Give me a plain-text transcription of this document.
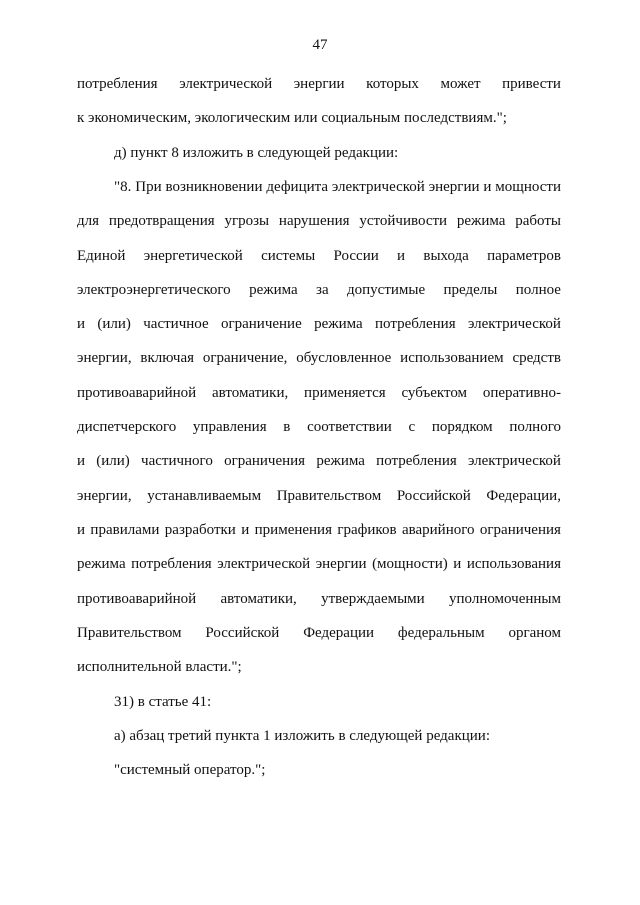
47
потребления электрической энергии которых может привести
к экономическим, экологическим или социальным последствиям.";
д) пункт 8 изложить в следующей редакции:
"8. При возникновении дефицита электрической энергии и мощности
для предотвращения угрозы нарушения устойчивости режима работы
Единой энергетической системы России и выхода параметров
электроэнергетического режима за допустимые пределы полное
и (или) частичное ограничение режима потребления электрической
энергии, включая ограничение, обусловленное использованием средств
противоаварийной автоматики, применяется субъектом оперативно-
диспетчерского управления в соответствии с порядком полного
и (или) частичного ограничения режима потребления электрической
энергии, устанавливаемым Правительством Российской Федерации,
и правилами разработки и применения графиков аварийного ограничения
режима потребления электрической энергии (мощности) и использования
противоаварийной автоматики, утверждаемыми уполномоченным
Правительством Российской Федерации федеральным органом
исполнительной власти.";
31) в статье 41:
а) абзац третий пункта 1 изложить в следующей редакции:
"системный оператор.";
